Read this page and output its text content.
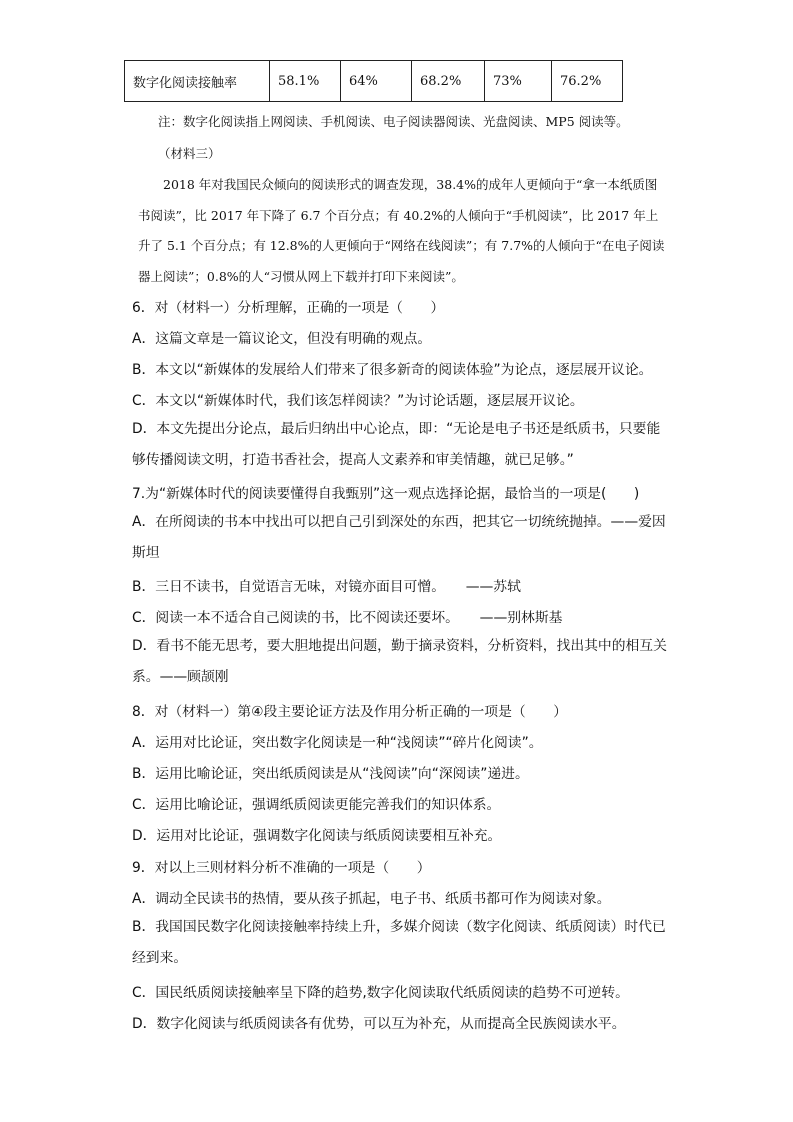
数字化阅读接触率	58.1%	64%	68.2%	73%	76.2%
注：数字化阅读指上网阅读、手机阅读、电子阅读器阅读、光盘阅读、MP5 阅读等。
（材料三）
2018 年对我国民众倾向的阅读形式的调查发现，38.4%的成年人更倾向于“拿一本纸质图书阅读”，比 2017 年下降了 6.7 个百分点；有 40.2%的人倾向于“手机阅读”，比 2017 年上升了 5.1 个百分点；有 12.8%的人更倾向于“网络在线阅读”；有 7.7%的人倾向于“在电子阅读器上阅读”；0.8%的人“习惯从网上下载并打印下来阅读”。
6．对（材料一）分析理解，正确的一项是（　　）
A．这篇文章是一篇议论文，但没有明确的观点。
B．本文以“新媒体的发展给人们带来了很多新奇的阅读体验”为论点，逐层展开议论。
C．本文以“新媒体时代，我们该怎样阅读？”为讨论话题，逐层展开议论。
D．本文先提出分论点，最后归纳出中心论点，即：“无论是电子书还是纸质书，只要能够传播阅读文明，打造书香社会，提高人文素养和审美情趣，就已足够。”
7.为“新媒体时代的阅读要懂得自我甄别”这一观点选择论据，最恰当的一项是(　　)
A．在所阅读的书本中找出可以把自己引到深处的东西，把其它一切统统抛掉。——爱因斯坦
B．三日不读书，自觉语言无味，对镜亦面目可憎。　　——苏轼
C．阅读一本不适合自己阅读的书，比不阅读还要坏。　　——别林斯基
D．看书不能无思考，要大胆地提出问题，勤于摘录资料，分析资料，找出其中的相互关系。——顾颉刚
8．对（材料一）第④段主要论证方法及作用分析正确的一项是（　　）
A．运用对比论证，突出数字化阅读是一种“浅阅读”“碎片化阅读”。
B．运用比喻论证，突出纸质阅读是从“浅阅读”向“深阅读”递进。
C．运用比喻论证，强调纸质阅读更能完善我们的知识体系。
D．运用对比论证，强调数字化阅读与纸质阅读要相互补充。
9．对以上三则材料分析不准确的一项是（　　）
A．调动全民读书的热情，要从孩子抓起，电子书、纸质书都可作为阅读对象。
B．我国国民数字化阅读接触率持续上升，多媒介阅读（数字化阅读、纸质阅读）时代已经到来。
C．国民纸质阅读接触率呈下降的趋势,数字化阅读取代纸质阅读的趋势不可逆转。
D．数字化阅读与纸质阅读各有优势，可以互为补充，从而提高全民族阅读水平。
